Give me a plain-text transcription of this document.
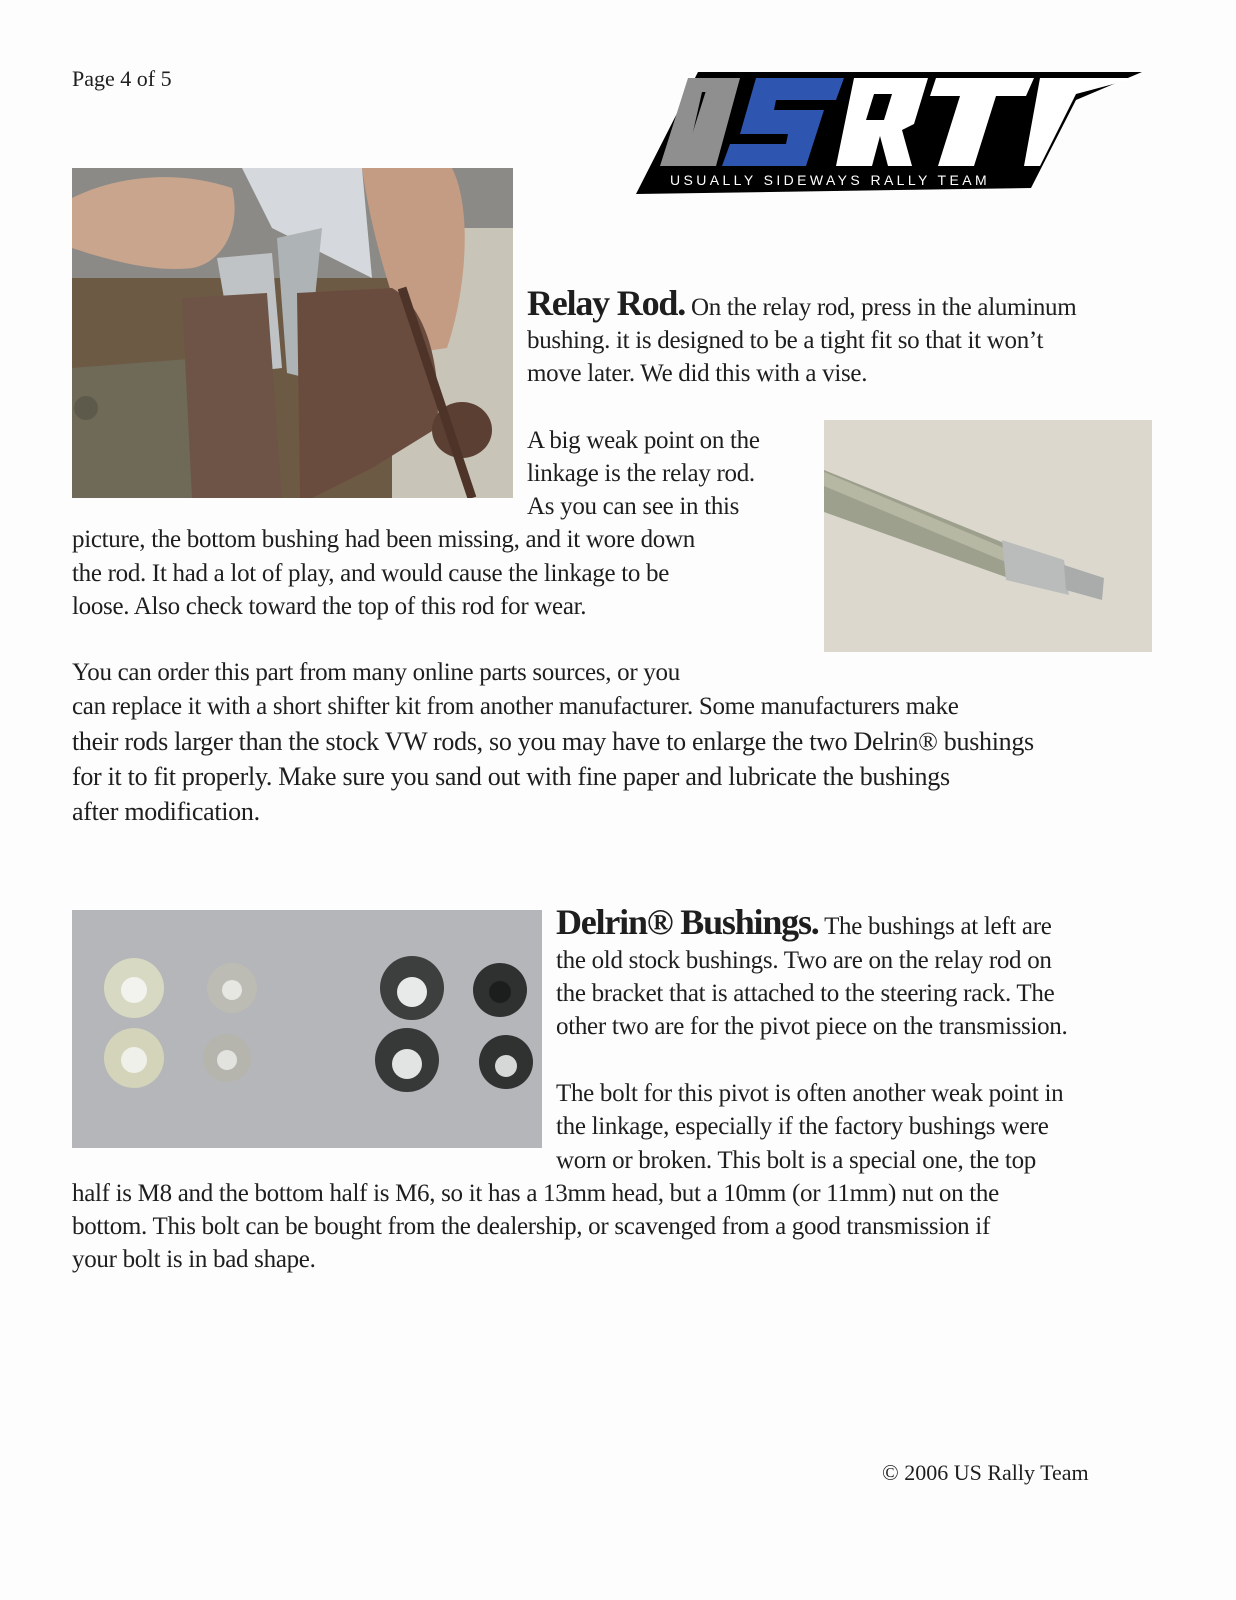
Page 4 of 5
USUALLY SIDEWAYS RALLY TEAM
Relay Rod. On the relay rod, press in the aluminum
bushing. it is designed to be a tight fit so that it won’t
move later. We did this with a vise.
A big weak point on the
linkage is the relay rod.
As you can see in this
picture, the bottom bushing had been missing, and it wore down
the rod. It had a lot of play, and would cause the linkage to be
loose. Also check toward the top of this rod for wear.
You can order this part from many online parts sources, or you
can replace it with a short shifter kit from another manufacturer. Some manufacturers make
their rods larger than the stock VW rods, so you may have to enlarge the two Delrin® bushings
for it to fit properly. Make sure you sand out with fine paper and lubricate the bushings
after modification.
Delrin® Bushings. The bushings at left are
the old stock bushings. Two are on the relay rod on
the bracket that is attached to the steering rack. The
other two are for the pivot piece on the transmission.
The bolt for this pivot is often another weak point in
the linkage, especially if the factory bushings were
worn or broken. This bolt is a special one, the top
half is M8 and the bottom half is M6, so it has a 13mm head, but a 10mm (or 11mm) nut on the
bottom. This bolt can be bought from the dealership, or scavenged from a good transmission if
your bolt is in bad shape.
© 2006 US Rally Team
